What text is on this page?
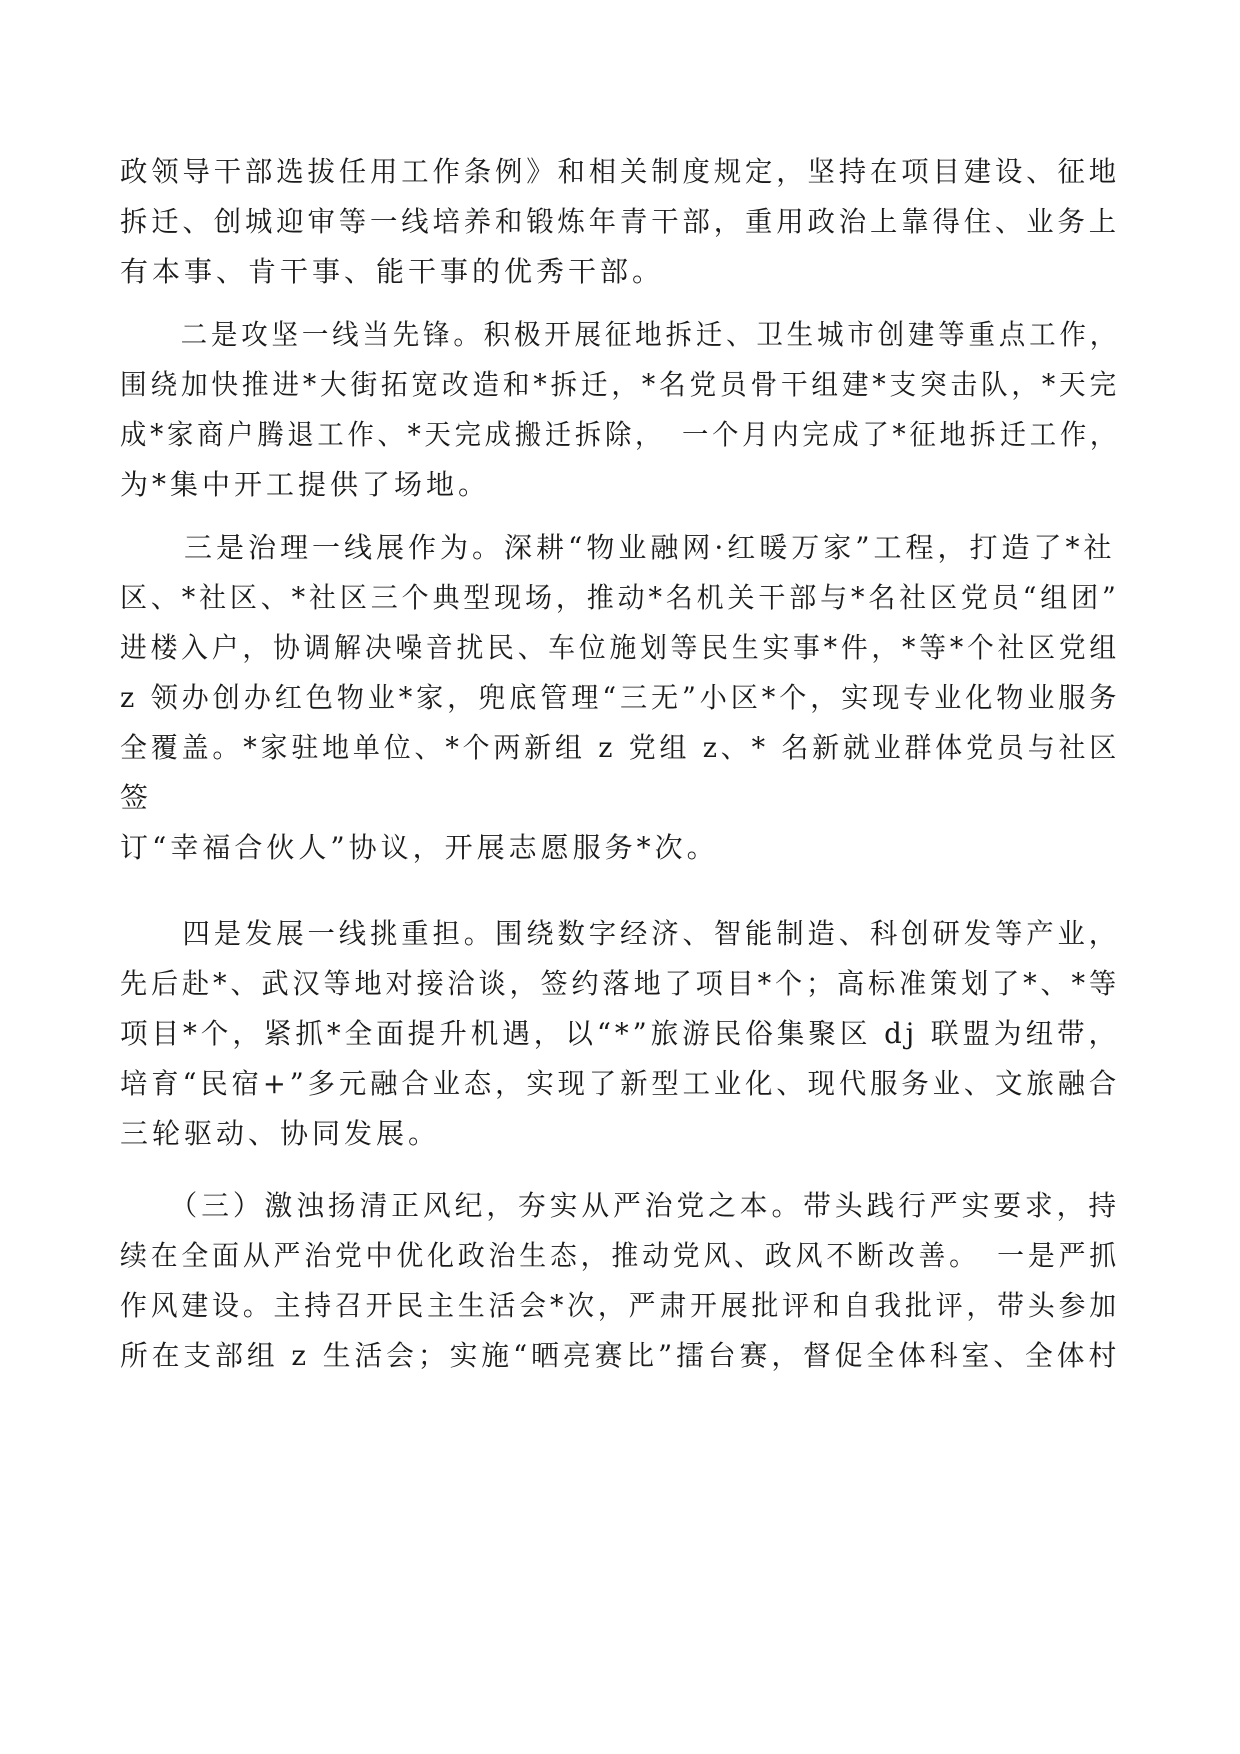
政领导干部选拔任用工作条例》和相关制度规定，坚持在项目建设、征地
拆迁、创城迎审等一线培养和锻炼年青干部，重用政治上靠得住、业务上
有本事、肯干事、能干事的优秀干部。
　　二是攻坚一线当先锋。积极开展征地拆迁、卫生城市创建等重点工作，
围绕加快推进*大街拓宽改造和*拆迁，*名党员骨干组建*支突击队，*天完
成*家商户腾退工作、*天完成搬迁拆除，　一个月内完成了*征地拆迁工作，
为*集中开工提供了场地。
　　三是治理一线展作为。深耕“物业融网·红暖万家”工程，打造了*社
区、*社区、*社区三个典型现场，推动*名机关干部与*名社区党员“组团”
进楼入户，协调解决噪音扰民、车位施划等民生实事*件，*等*个社区党组
z 领办创办红色物业*家，兜底管理“三无”小区*个，实现专业化物业服务
全覆盖。*家驻地单位、*个两新组 z 党组 z、* 名新就业群体党员与社区
签
订“幸福合伙人”协议，开展志愿服务*次。
　　四是发展一线挑重担。围绕数字经济、智能制造、科创研发等产业，
先后赴*、武汉等地对接洽谈，签约落地了项目*个；高标准策划了*、*等
项目*个，紧抓*全面提升机遇，以“*”旅游民俗集聚区 dj 联盟为纽带，
培育“民宿+”多元融合业态，实现了新型工业化、现代服务业、文旅融合
三轮驱动、协同发展。
　　（三）激浊扬清正风纪，夯实从严治党之本。带头践行严实要求，持
续在全面从严治党中优化政治生态，推动党风、政风不断改善。　一是严抓
作风建设。主持召开民主生活会*次，严肃开展批评和自我批评，带头参加
所在支部组 z 生活会；实施“晒亮赛比”擂台赛，督促全体科室、全体村
